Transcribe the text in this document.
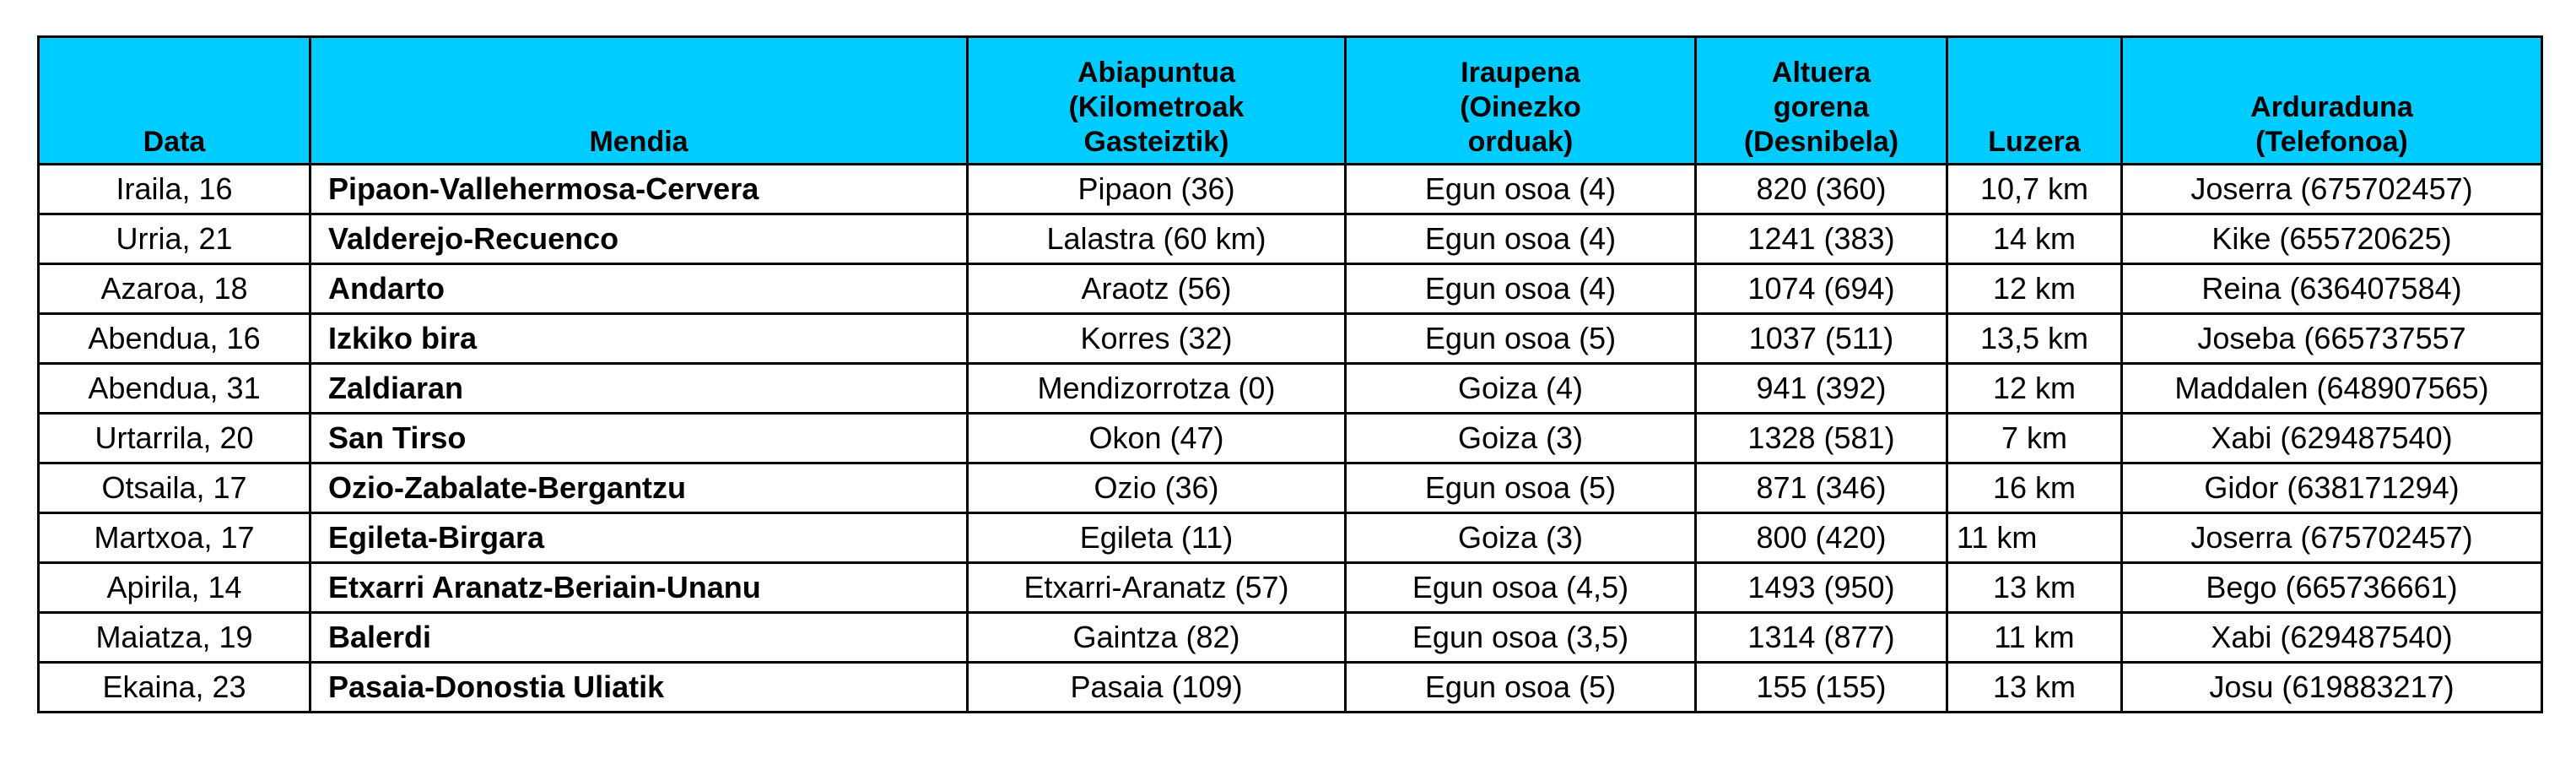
Data	Mendia	Abiapuntua
(Kilometroak
Gasteiztik)	Iraupena
(Oinezko
orduak)	Altuera
gorena
(Desnibela)	Luzera	Arduraduna
(Telefonoa)

Iraila, 16	Pipaon-Vallehermosa-Cervera	Pipaon (36)	Egun osoa (4)	820 (360)	10,7 km	Joserra (675702457)
Urria, 21	Valderejo-Recuenco	Lalastra (60 km)	Egun osoa (4)	1241 (383)	14 km	Kike (655720625)
Azaroa, 18	Andarto	Araotz (56)	Egun osoa (4)	1074 (694)	12 km	Reina (636407584)
Abendua, 16	Izkiko bira	Korres (32)	Egun osoa (5)	1037 (511)	13,5 km	Joseba (665737557
Abendua, 31	Zaldiaran	Mendizorrotza (0)	Goiza (4)	941 (392)	12 km	Maddalen (648907565)
Urtarrila, 20	San Tirso	Okon (47)	Goiza (3)	1328 (581)	7 km	Xabi (629487540)
Otsaila, 17	Ozio-Zabalate-Bergantzu	Ozio (36)	Egun osoa (5)	871 (346)	16 km	Gidor (638171294)
Martxoa, 17	Egileta-Birgara	Egileta (11)	Goiza (3)	800 (420)	11 km	Joserra (675702457)
Apirila, 14	Etxarri Aranatz-Beriain-Unanu	Etxarri-Aranatz (57)	Egun osoa (4,5)	1493 (950)	13 km	Bego (665736661)
Maiatza, 19	Balerdi	Gaintza (82)	Egun osoa (3,5)	1314 (877)	11 km	Xabi (629487540)
Ekaina, 23	Pasaia-Donostia Uliatik	Pasaia (109)	Egun osoa (5)	155 (155)	13 km	Josu (619883217)
